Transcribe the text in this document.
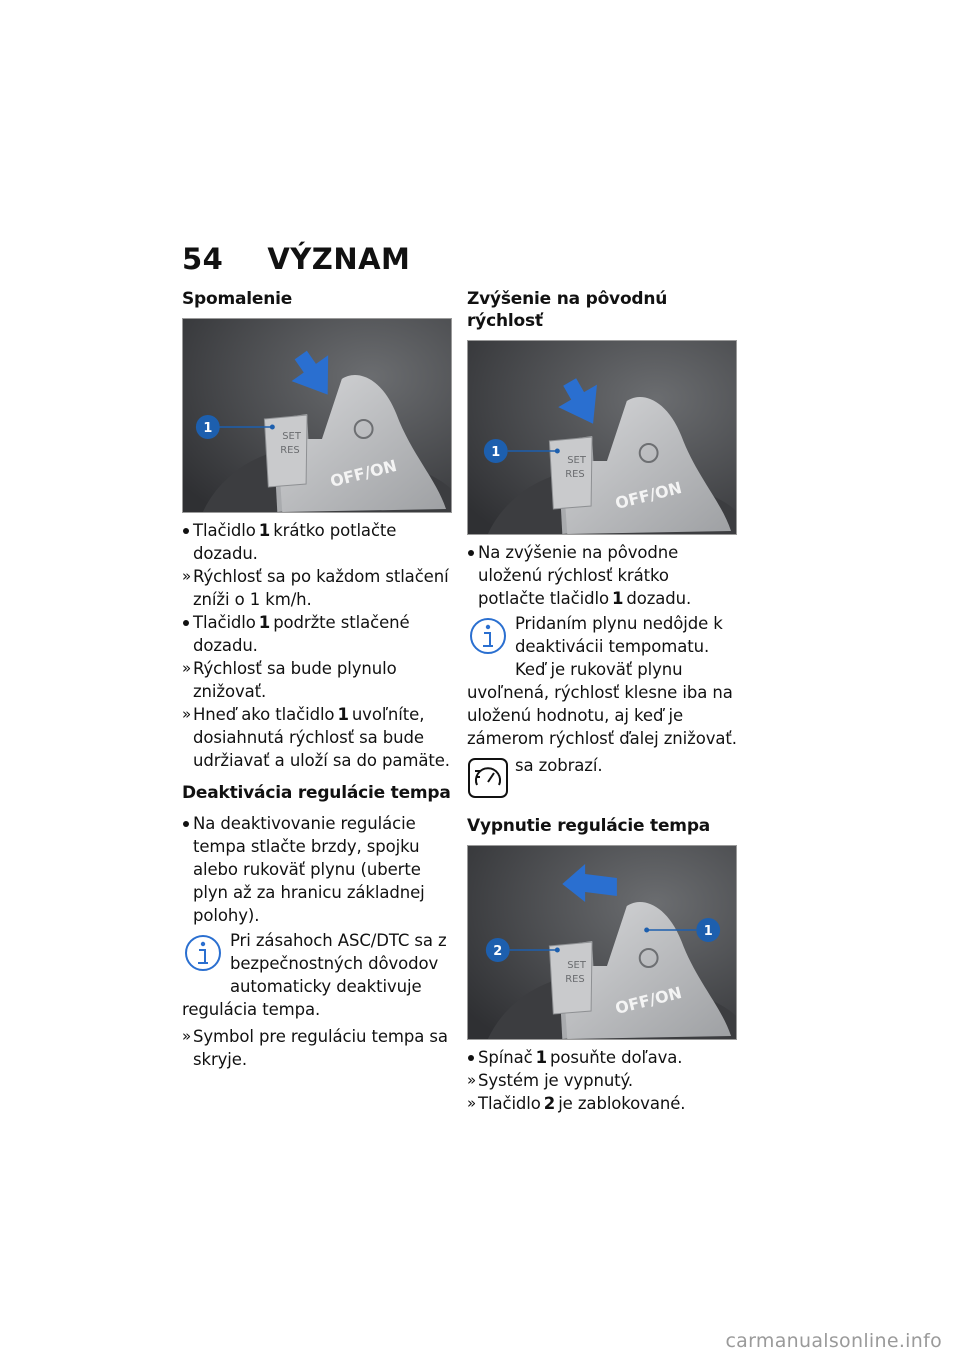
54 VÝZNAM
Spomalenie
SET
RES
OFF/ON
1
Tlačidlo 1 krátko potlačte dozadu.
Rýchlosť sa po každom stlačení zníži o 1 km/h.
Tlačidlo 1 podržte stlačené dozadu.
Rýchlosť sa bude plynulo znižovať.
Hneď ako tlačidlo 1 uvoľníte, dosiahnutá rýchlosť sa bude udržiavať a uloží sa do pamäte.
Deaktivácia regulácie tempa
Na deaktivovanie regulácie tempa stlačte brzdy, spojku alebo rukoväť plynu (uberte plyn až za hranicu základnej polohy).

Pri zásahoch ASC/DTC sa z bezpečnostných dôvodov automaticky deaktivuje regulácia tempa.

Symbol pre reguláciu tempa sa skryje.
Zvýšenie na pôvodnú rýchlosť
SET
RES
OFF/ON
1
Na zvýšenie na pôvodne uloženú rýchlosť krátko potlačte tlačidlo 1 dozadu.

Pridaním plynu nedôjde k deaktivácii tempomatu. Keď je rukoväť plynu uvoľnená, rýchlosť klesne iba na uloženú hodnotu, aj keď je zámerom rýchlosť ďalej znižovať.

sa zobrazí.

Vypnutie regulácie tempa
SET
RES
OFF/ON
2
1
Spínač 1 posuňte doľava.
Systém je vypnutý.
Tlačidlo 2 je zablokované.
carmanualsonline.info
